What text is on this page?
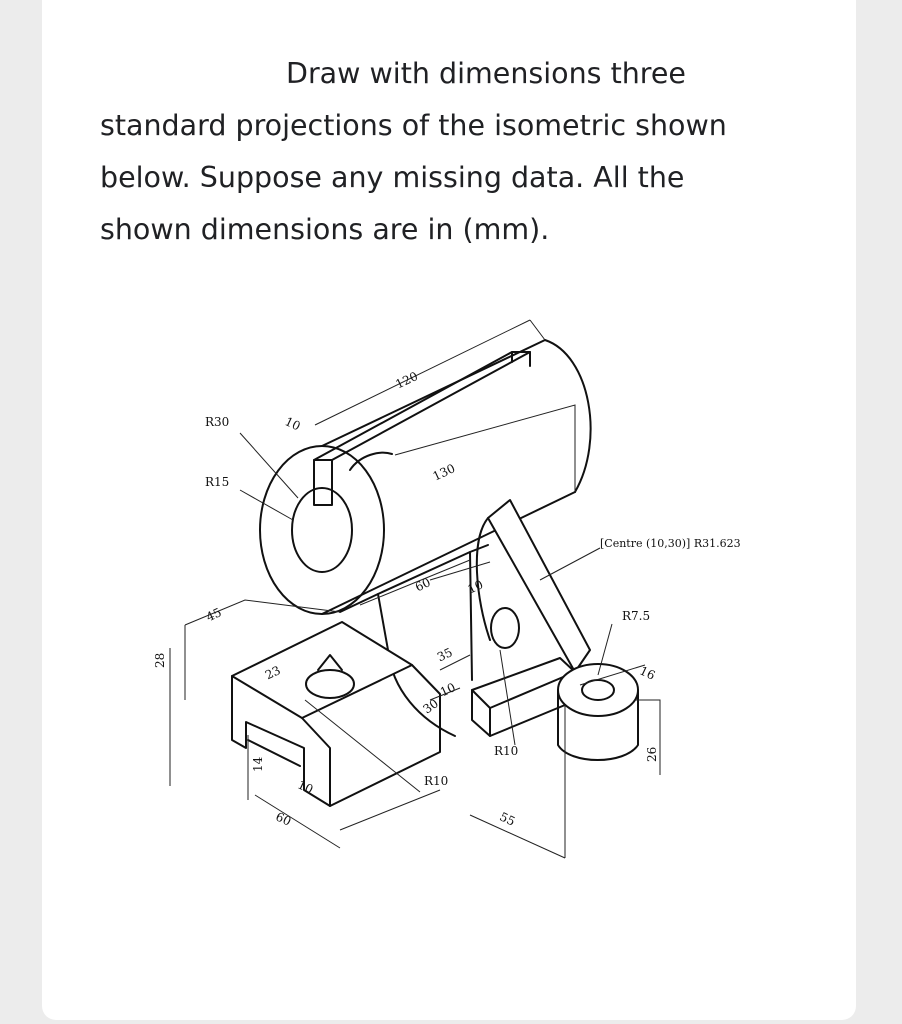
Draw with dimensions three
standard projections of the isometric shown
below. Suppose any missing data. All the
shown dimensions are in (mm).
R30
R15
10
120
130
60	10
35
10
30
45
23
28
14
10
60
R10
R10
55
[Centre (10,30)] R31.623
R7.5
16
26
